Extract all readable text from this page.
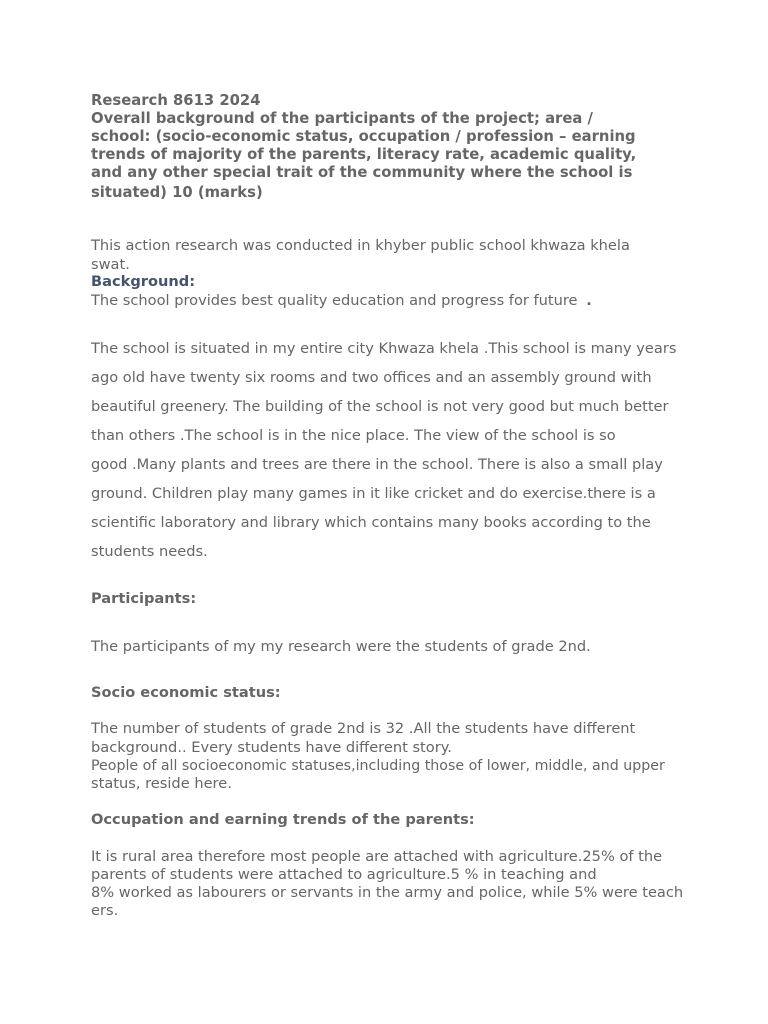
Research 8613 2024
Overall background of the participants of the project; area /
school: (socio-economic status, occupation / profession – earning
trends of majority of the parents, literacy rate, academic quality,
and any other special trait of the community where the school is
situated) 10 (marks)
This action research was conducted in khyber public school khwaza khela
swat.
Background:
The school provides best quality education and progress for future .
The school is situated in my entire city Khwaza khela .This school is many years
ago old have twenty six rooms and two offices and an assembly ground with
beautiful greenery. The building of the school is not very good but much better
than others .The school is in the nice place. The view of the school is so
good .Many plants and trees are there in the school. There is also a small play
ground. Children play many games in it like cricket and do exercise.there is a
scientific laboratory and library which contains many books according to the
students needs.
Participants:
The participants of my my research were the students of grade 2nd.
Socio economic status:
The number of students of grade 2nd is 32 .All the students have different
background.. Every students have different story.
People of all socioeconomic statuses,including those of lower, middle, and upper
status, reside here.
Occupation and earning trends of the parents:
It is rural area therefore most people are attached with agriculture.25% of the
parents of students were attached to agriculture.5 % in teaching and
8% worked as labourers or servants in the army and police, while 5% were teach
ers.
